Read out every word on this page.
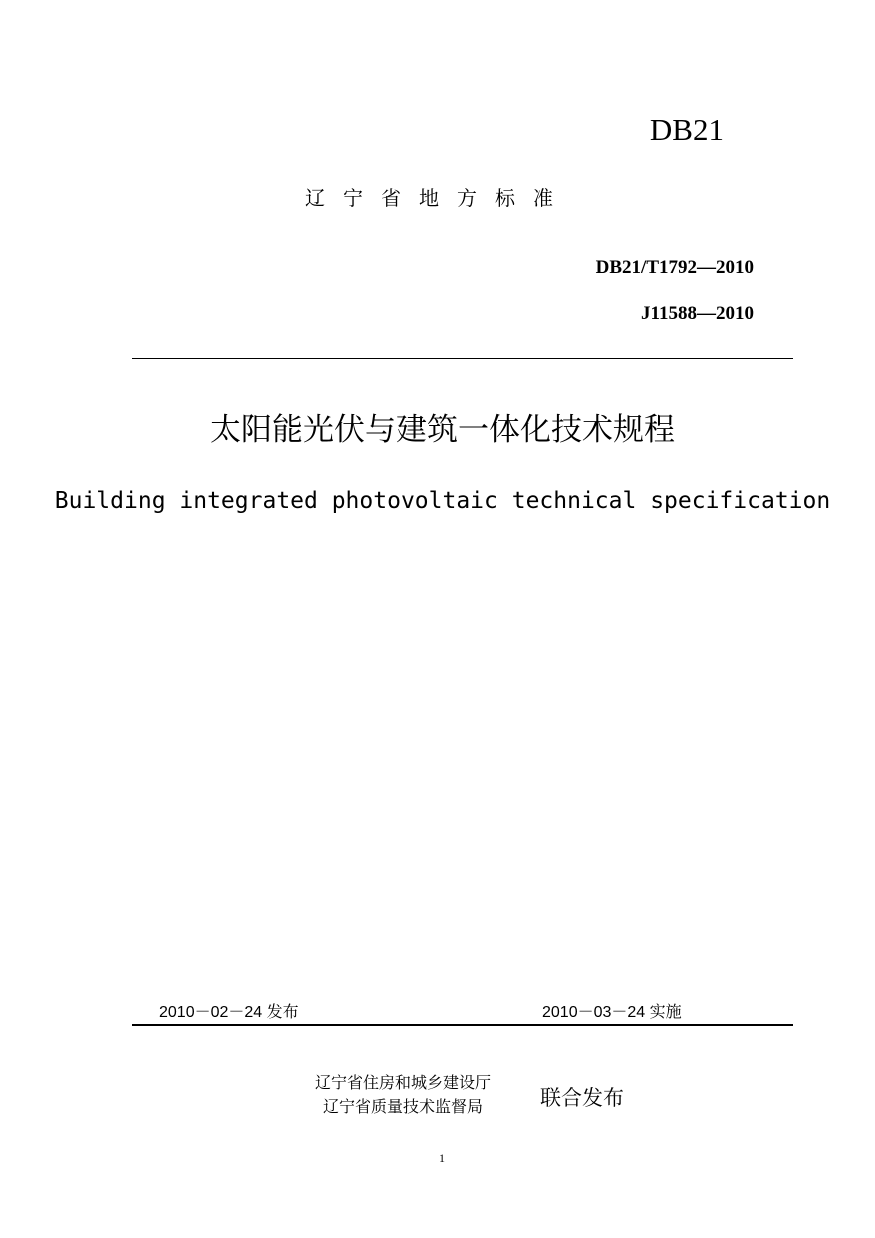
DB21
辽宁省地方标准
DB21/T1792—2010
J11588—2010
太阳能光伏与建筑一体化技术规程
Building integrated photovoltaic technical specification
2010－02－24 发布	2010－03－24 实施
辽宁省住房和城乡建设厅
辽宁省质量技术监督局	联合发布
1
